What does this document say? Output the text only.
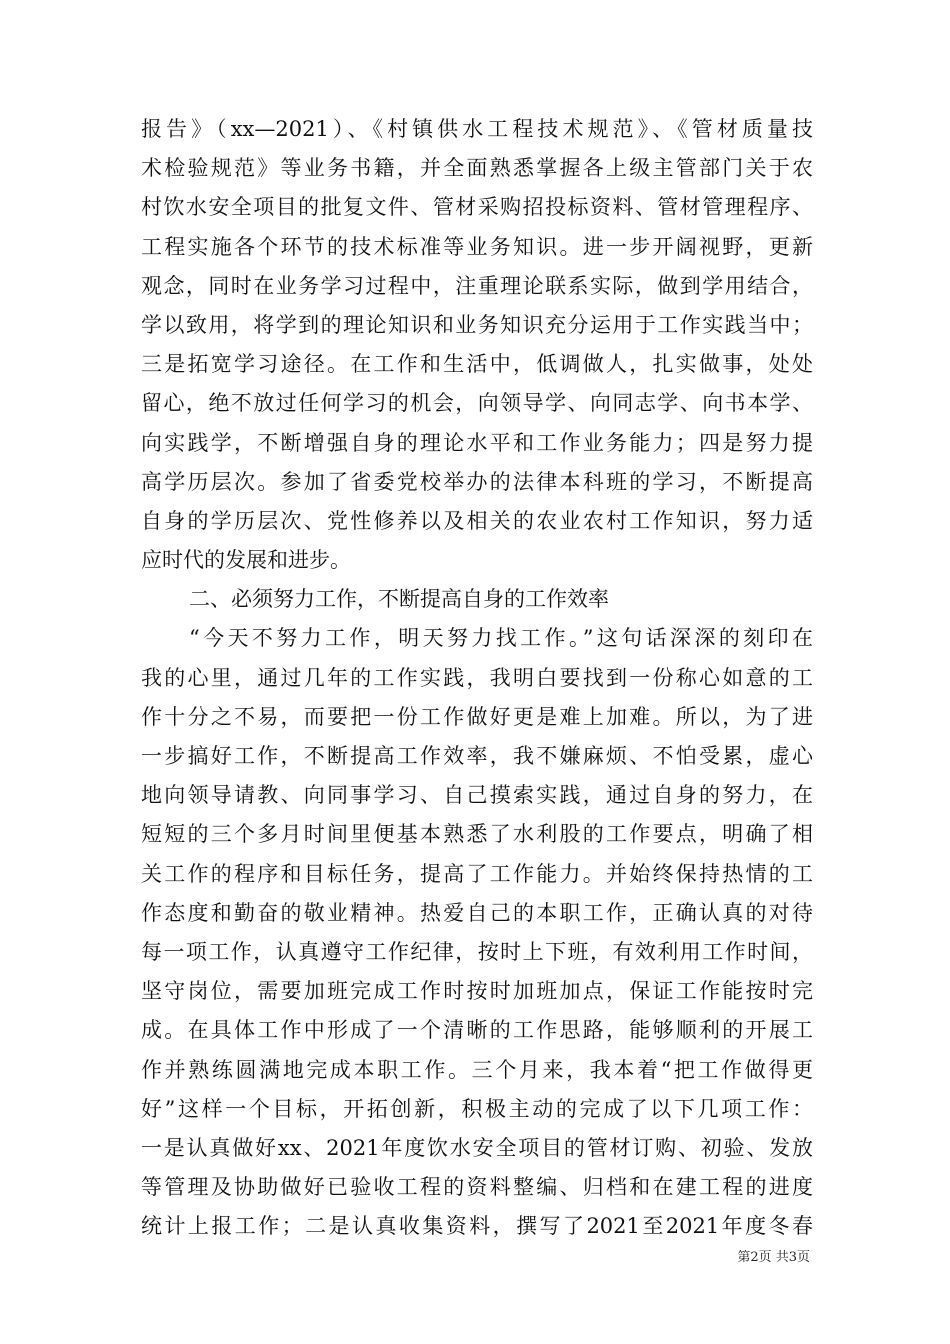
报告》（xx—2021）、《村镇供水工程技术规范》、《管材质量技
术检验规范》等业务书籍，并全面熟悉掌握各上级主管部门关于农
村饮水安全项目的批复文件、管材采购招投标资料、管材管理程序、
工程实施各个环节的技术标准等业务知识。进一步开阔视野，更新
观念，同时在业务学习过程中，注重理论联系实际，做到学用结合，
学以致用，将学到的理论知识和业务知识充分运用于工作实践当中；
三是拓宽学习途径。在工作和生活中，低调做人，扎实做事，处处
留心，绝不放过任何学习的机会，向领导学、向同志学、向书本学、
向实践学，不断增强自身的理论水平和工作业务能力；四是努力提
高学历层次。参加了省委党校举办的法律本科班的学习，不断提高
自身的学历层次、党性修养以及相关的农业农村工作知识，努力适
应时代的发展和进步。
二、必须努力工作，不断提高自身的工作效率
“今天不努力工作，明天努力找工作。”这句话深深的刻印在
我的心里，通过几年的工作实践，我明白要找到一份称心如意的工
作十分之不易，而要把一份工作做好更是难上加难。所以，为了进
一步搞好工作，不断提高工作效率，我不嫌麻烦、不怕受累，虚心
地向领导请教、向同事学习、自己摸索实践，通过自身的努力，在
短短的三个多月时间里便基本熟悉了水利股的工作要点，明确了相
关工作的程序和目标任务，提高了工作能力。并始终保持热情的工
作态度和勤奋的敬业精神。热爱自己的本职工作，正确认真的对待
每一项工作，认真遵守工作纪律，按时上下班，有效利用工作时间，
坚守岗位，需要加班完成工作时按时加班加点，保证工作能按时完
成。在具体工作中形成了一个清晰的工作思路，能够顺利的开展工
作并熟练圆满地完成本职工作。三个月来，我本着“把工作做得更
好”这样一个目标，开拓创新，积极主动的完成了以下几项工作：
一是认真做好xx、2021年度饮水安全项目的管材订购、初验、发放
等管理及协助做好已验收工程的资料整编、归档和在建工程的进度
统计上报工作；二是认真收集资料，撰写了2021至2021年度冬春
第2页 共3页
